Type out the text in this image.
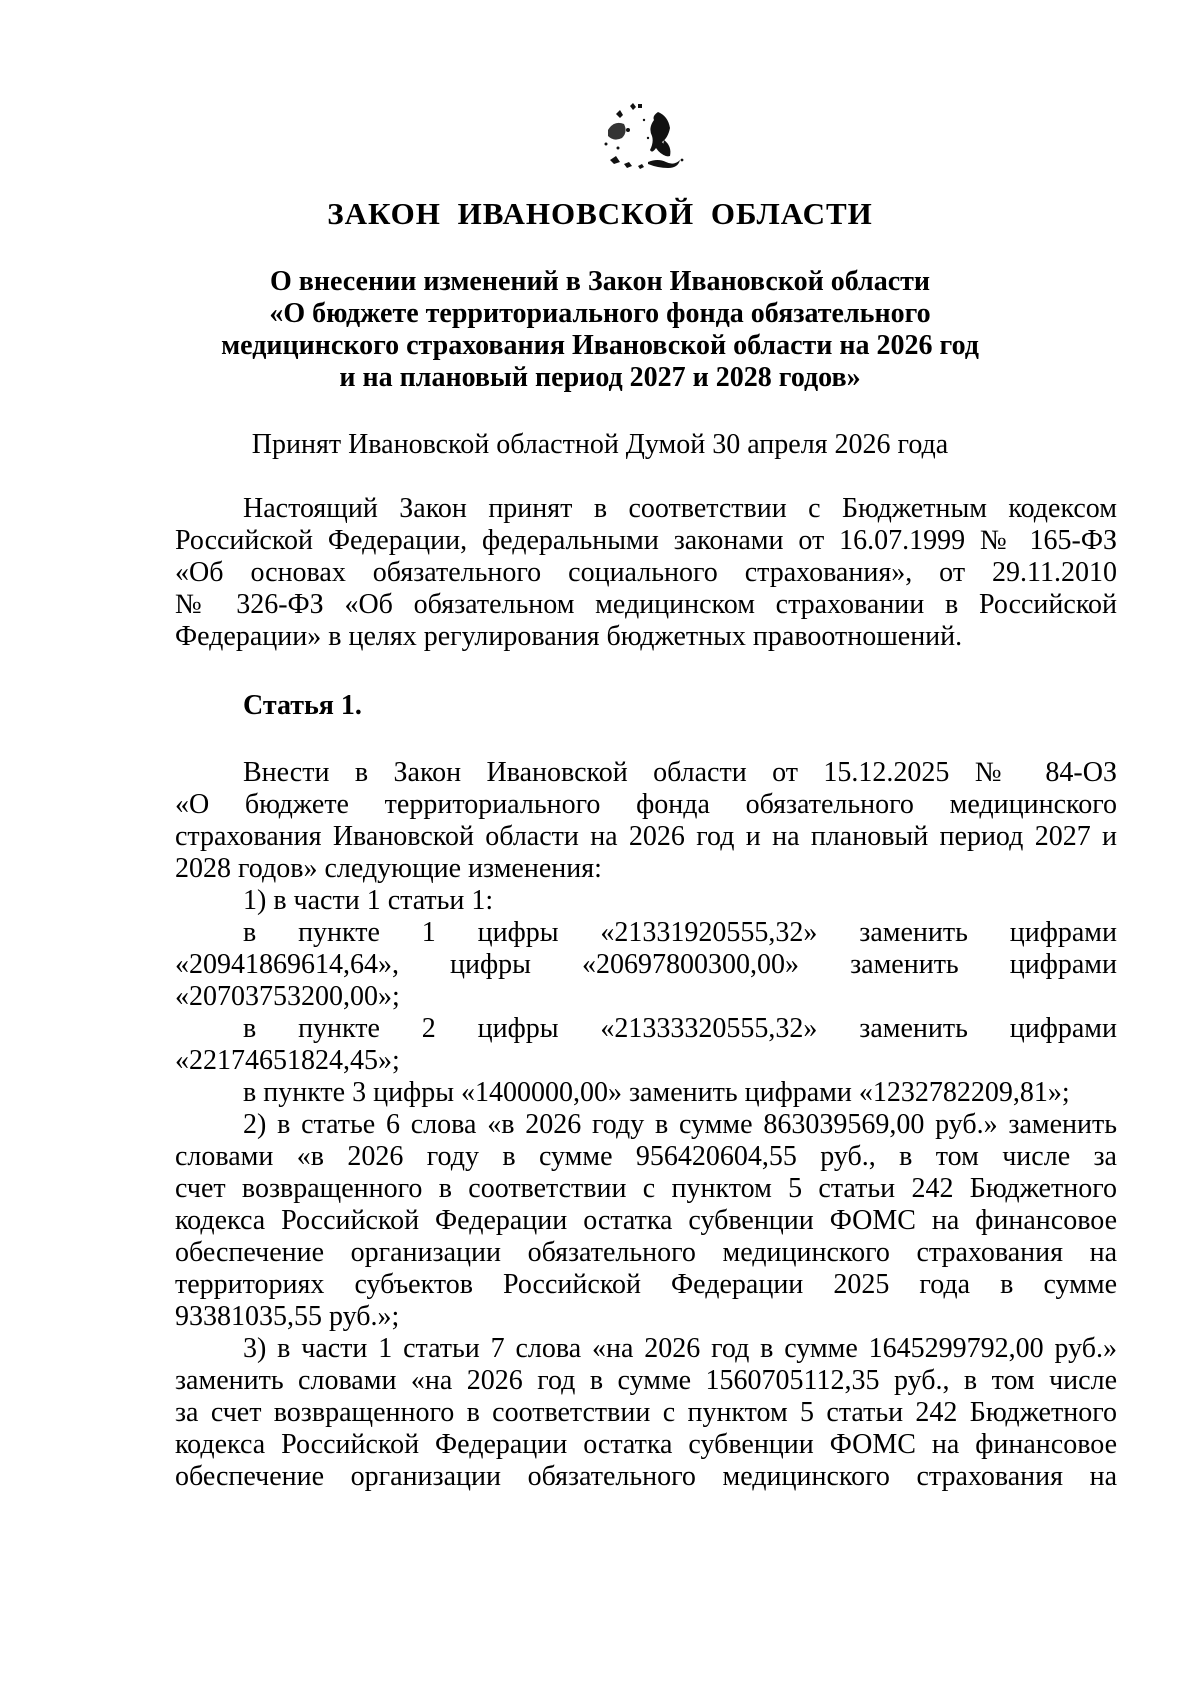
ЗАКОН ИВАНОВСКОЙ ОБЛАСТИ
О внесении изменений в Закон Ивановской области
«О бюджете территориального фонда обязательного
медицинского страхования Ивановской области на 2026 год
и на плановый период 2027 и 2028 годов»
Принят Ивановской областной Думой 30 апреля 2026 года
Настоящий Закон принят в соответствии с Бюджетным кодексом
Российской Федерации, федеральными законами от 16.07.1999 № 165-ФЗ
«Об основах обязательного социального страхования», от 29.11.2010
№ 326-ФЗ «Об обязательном медицинском страховании в Российской
Федерации» в целях регулирования бюджетных правоотношений.
Статья 1.
Внести в Закон Ивановской области от 15.12.2025 № 84-ОЗ
«О бюджете территориального фонда обязательного медицинского
страхования Ивановской области на 2026 год и на плановый период 2027 и
2028 годов» следующие изменения:
1) в части 1 статьи 1:
в пункте 1 цифры «21331920555,32» заменить цифрами
«20941869614,64», цифры «20697800300,00» заменить цифрами
«20703753200,00»;
в пункте 2 цифры «21333320555,32» заменить цифрами
«22174651824,45»;
в пункте 3 цифры «1400000,00» заменить цифрами «1232782209,81»;
2) в статье 6 слова «в 2026 году в сумме 863039569,00 руб.» заменить
словами «в 2026 году в сумме 956420604,55 руб., в том числе за
счет возвращенного в соответствии с пунктом 5 статьи 242 Бюджетного
кодекса Российской Федерации остатка субвенции ФОМС на финансовое
обеспечение организации обязательного медицинского страхования на
территориях субъектов Российской Федерации 2025 года в сумме
93381035,55 руб.»;
3) в части 1 статьи 7 слова «на 2026 год в сумме 1645299792,00 руб.»
заменить словами «на 2026 год в сумме 1560705112,35 руб., в том числе
за счет возвращенного в соответствии с пунктом 5 статьи 242 Бюджетного
кодекса Российской Федерации остатка субвенции ФОМС на финансовое
обеспечение организации обязательного медицинского страхования на
